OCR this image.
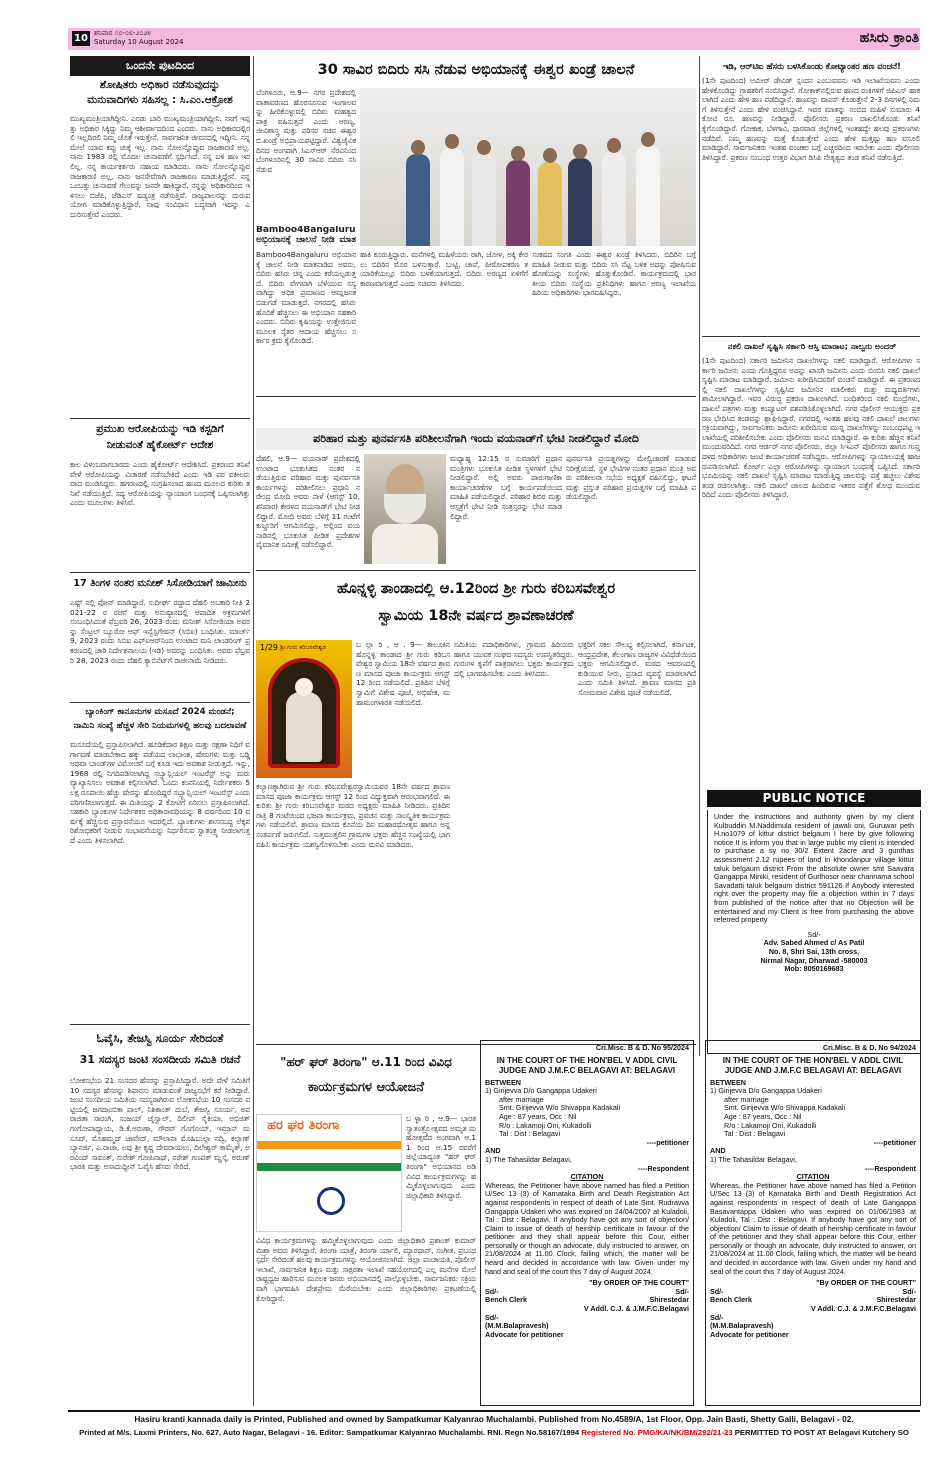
10 ಶನಿವಾರ ೧೦-೦೮-೨೦೨೪
Saturday 10 August 2024	ಹಸಿರು ಕ್ರಾಂತಿ
ಒಂದನೇ ಪುಟದಿಂದ
ಶೋಷಿತರು ಅಧಿಕಾರ ನಡೆಸುವುದನ್ನು
ಮನುವಾದಿಗಳು ಸಹಿಸಲ್ಲ : ಸಿ.ಎಂ.ಆಕ್ರೋಶ
ಮುಖ್ಯಮಂತ್ರಿಯಾಗಿದ್ದೀನಿ. ಎರಡು ಬಾರಿ ಮುಖ್ಯಮಂತ್ರಿಯಾಗಿದ್ದೀನಿ. ನನಗೆ ಇಪ್ಪತ್ತು ಅಧಿಕಾರ ಸಿಕ್ಕಿದ್ದು ನಿಮ್ಮ ಆಶೀರ್ವಾದದಿಂದ ಎಂದರು. ನಾನು ಅಧಿಕಾರದಲ್ಲಿರಲಿ ಇಲ್ಲದಿರಲಿ ನಿಮ್ಮ ಜೊತೆ ಇರುತ್ತೇನೆ. ಸಾರ್ವಜನಿಕ ಜೀವನದಲ್ಲಿ ಇದ್ದೀನಿ. ನನ್ನ ಮೇಲೆ ಯಾವ ಕಪ್ಪು ಚುಕ್ಕೆ ಇಲ್ಲ. ನಾನು ಸೋಲನ್ನೊಪ್ಪುವ ರಾಜಕಾರಣಿ ಅಲ್ಲ. ನಾನು 1983 ರಲ್ಲಿ ಮೊದಲ ಚುನಾವಣೆಗೆ ಸ್ಪರ್ಧಿಸಿದೆ. ನನ್ನ ಬಳಿ ಹಣ ಇರಲಿಲ್ಲ. ನನ್ನ ಕಾರ್ಯಕರ್ತರು ಸಹಾಯ ಮಾಡಿದರು. ನಾನು ಸೋಲನ್ನೊಪ್ಪುವ ರಾಜಕಾರಣಿ ಅಲ್ಲ, ನಾನು ಜನಸೇವೆಗಾಗಿ ರಾಜಕಾರಣ ಮಾಡುತ್ತಿದ್ದೇನೆ. ನನ್ನ ಒಂಬತ್ತು ಚುನಾವಣೆ ಗೆಲುವನ್ನು ಜನರೇ ಹಾಕಿದ್ದಾರೆ. ನನ್ನನ್ನು ಅಧಿಕಾರದಿಂದ ಇಳಿಸಲು ಬಿಜೆಪಿ, ಜೆಡಿಎಸ್ ಷಡ್ಯಂತ್ರ ನಡೆಸುತ್ತಿವೆ. ರಾಜ್ಯಪಾಲರನ್ನು ದುರುಪಯೋಗ ಮಾಡಿಕೊಳ್ಳುತ್ತಿದ್ದಾರೆ. ನಾವು ಸಂವಿಧಾನ ಬದ್ಧವಾಗಿ ಇದನ್ನು ಎದುರಿಸುತ್ತೇವೆ ಎಂದರು.
ಪ್ರಮುಖ ಆರೋಪಿಯನ್ನು ಇಡಿ ಕಸ್ಟಡಿಗೆ
ನೀಡುವಂತೆ ಹೈಕೋರ್ಟ್ ಆದೇಶ
ಕಾಲ ವಿಳಂಬವಾಗಬಾರದು ಎಂದು ಹೈಕೋರ್ಟ್ ಆದೇಶಿಸಿದೆ. ಪ್ರಕರಣದ ತನಿಖೆ ವೇಳೆ ಆರೋಪಿಯನ್ನು ವಿಚಾರಣೆ ನಡೆಸಬೇಕಿದೆ ಎಂದು ಇಡಿ ಪರ ವಕೀಲರು ವಾದ ಮಂಡಿಸಿದ್ದರು. ಹಗರಣದಲ್ಲಿ ಸಂಗ್ರಹಿಸಲಾದ ಹಣದ ಮೂಲದ ಕುರಿತು ತನಿಖೆ ನಡೆಯುತ್ತಿದೆ. ಸದ್ಯ ಆರೋಪಿಯನ್ನು ನ್ಯಾಯಾಂಗ ಬಂಧನಕ್ಕೆ ಒಪ್ಪಿಸಲಾಗಿತ್ತು ಎಂದು ಮೂಲಗಳು ತಿಳಿಸಿವೆ.
17 ತಿಂಗಳ ನಂತರ ಮನೀಶ್ ಸಿಸೋಡಿಯಾಗೆ ಜಾಮೀನು
ಎಷ್ಟ್ ನಲ್ಲಿ ಫೋನ್ ಮಾಡಿದ್ದಾರೆ. ಸುದೀರ್ಘ ರದ್ದಾದ ದೆಹಲಿ ಅಬಕಾರಿ ನೀತಿ 2021-22 ರ ರಚನೆ ಮತ್ತು ಅನುಷ್ಠಾನದಲ್ಲಿ ಆಪಾದಿತ ಅಕ್ರಮಗಳಿಗೆ ಸಂಬಂಧಿಸಿದಂತೆ ಫೆಬ್ರವರಿ 26, 2023 ರಂದು ಮನೀಶ್ ಸಿಸೋಡಿಯಾ ಅವರನ್ನು ಸೆಂಟ್ರಲ್ ಬ್ಯೂರೋ ಆಫ್ ಇನ್ವೆಸ್ಟಿಗೇಷನ್ (ಸಿಬಿಐ) ಬಂಧಿಸಿತು. ಮಾರ್ಚ್ 9, 2023 ರಂದು ಸಿಬಿಐ ಎಫ್‌ಐಆರ್‌ನಿಂದ ಉಂಟಾದ ಮನಿ ಲಾಂಡರಿಂಗ್ ಪ್ರಕರಣದಲ್ಲಿ ಜಾರಿ ನಿರ್ದೇಶನಾಲಯ (ಇಡಿ) ಅವರನ್ನು ಬಂಧಿಸಿತು. ಅವರು ಫೆಬ್ರವರಿ 28, 2023 ರಂದು ದೆಹಲಿ ಕ್ಯಾಬಿನೆಟ್‌ಗೆ ರಾಜೀನಾಮೆ ನೀಡಿದರು.
ಬ್ಯಾಂಕಿಂಗ್ ಕಾನೂನುಗಳ ಮಸೂದೆ 2024 ಮಂಡನೆ;
ನಾಮಿನಿ ಸಂಖ್ಯೆ ಹೆಚ್ಚಳ ಸೇರಿ ನಿಯಮಗಳಲ್ಲಿ ಹಲವು ಬದಲಾವಣೆ
ಮಸೂದೆಯಲ್ಲಿ ಪ್ರಸ್ತಾಪಿಸಲಾಗಿದೆ. ಹೂಡಿಕೆದಾರ ಶಿಕ್ಷಣ ಮತ್ತು ರಕ್ಷಣಾ ನಿಧಿಗೆ ವರ್ಗಾವಣೆ ಮಾಡಬೇಕಾದ ಹಕ್ಕು ಪಡೆಯದ ಲಾಭಾಂಶ, ಷೇರುಗಳು ಮತ್ತು ಬಡ್ಡಿ ಅಥವಾ ಬಾಂಡ್‌ಗಳ ವಿಮೋಚನೆ ಬಗ್ಗೆ ಕೂಡ ಇದು ಅವಕಾಶ ನೀಡುತ್ತದೆ. ಇನ್ನು, 1968 ರಲ್ಲಿ ನಿಗದಿಪಡಿಸಲಾಗಿದ್ದ ಸಬ್ಸ್ಟಾನ್ಷಿಯಲ್ ಇಂಟರೆಸ್ಟ್ ಅನ್ನು ಮರು ವ್ಯಾಖ್ಯಾನಿಸಲು ಅವಕಾಶ ಕಲ್ಪಿಸಲಾಗಿದೆ. ಒಂದು ಕಂಪನಿಯಲ್ಲಿ ನಿರ್ದೇಶಕರು 5 ಲಕ್ಷ ರೂಪಾಯಿ ಹೆಚ್ಚು ಷೇರನ್ನು ಹೊಂದಿದ್ದರೆ ಸಬ್ಸ್ಟಾನ್ಷಿಯಲ್ ಇಂಟರೆಸ್ಟ್ ಎಂದು ಪರಿಗಣಿಸಲಾಗುತ್ತದೆ. ಈ ಮಿತಿಯನ್ನು 2 ಕೋಟಿಗೆ ಏರಿಸಲು ಪ್ರಸ್ತಾಪಿಸಲಾಗಿದೆ. ಸಹಕಾರಿ ಬ್ಯಾಂಕುಗಳ ನಿರ್ದೇಶಕರ ಅಧಿಕಾರಾವಧಿಯನ್ನು 8 ವರ್ಷದಿಂದ 10 ವರ್ಷಕ್ಕೆ ಹೆಚ್ಚಿಸುವ ಪ್ರಸ್ತಾವನೆಯೂ ಇದರಲ್ಲಿದೆ. ಬ್ಯಾಂಕುಗಳು ಶಾಸನಬದ್ಧ ಲೆಕ್ಕಪರಿಶೋಧಕರಿಗೆ ನೀಡುವ ಸಂಭಾವನೆಯನ್ನು ನಿರ್ಧರಿಸುವ ಸ್ವಾತಂತ್ರ್ಯ ನೀಡಲಾಗುತ್ತದೆ ಎಂದು ತಿಳಿಸಲಾಗಿದೆ.
ಓವೈಸಿ, ತೇಜಸ್ವಿ ಸೂರ್ಯ ಸೇರಿದಂತೆ
31 ಸದಸ್ಯರ ಜಂಟಿ ಸಂಸದೀಯ ಸಮಿತಿ ರಚನೆ
ಲೋಕಸಭೆಯ 21 ಸಂಸದರ ಹೆಸರನ್ನು ಪ್ರಸ್ತಾಪಿಸಿದ್ದಾರೆ. ಅದೇ ವೇಳೆ ಸಮಿತಿಗೆ 10 ಸದಸ್ಯರ ಹೆಸರನ್ನು ಶಿಫಾರಸು ಮಾಡುವಂತೆ ರಾಜ್ಯಸಭೆಗೆ ಕರೆ ನೀಡಿದ್ದಾರೆ. ಜಂಟಿ ಸಂಸದೀಯ ಸಮಿತಿಯ ಸದಸ್ಯರಾಗಿರುವ ಲೋಕಸಭೆಯ 10 ಸಂಸದರ ಪಟ್ಟಿಯಲ್ಲಿ ಜಗದಾಂಬಿಕಾ ಪಾಲ್, ನಿಶಿಕಾಂತ್ ದುಬೆ, ತೇಜಸ್ವಿ ಸೂರ್ಯ, ಅಪರಾಜಿತಾ ಸಾರಂಗಿ, ಸಂಜಯ್ ಜೈಸ್ವಾಲ್, ದಿಲೀಪ್ ಸೈಕಿಯಾ, ಅಭಿಜಿತ್ ಗಂಗೋಪಾಧ್ಯಾಯ, ಡಿ.ಕೆ.ಅರುಣಾ, ಗೌರವ್ ಗೊಗೊಯ್, ಇಮ್ರಾನ್ ಮಸೂದ್, ಮೊಹಮ್ಮದ್ ಜಾವೇದ್, ಮೌಲಾನಾ ಮೊಹಿಬುಲ್ಲಾ ನದ್ವಿ, ಕಲ್ಯಾಣ್ ಬ್ಯಾನರ್ಜಿ, ಎ.ರಾಜಾ, ಲವು ಶ್ರೀ ಕೃಷ್ಣ ದೇವರಾಯಲು, ದಿಲೇಶ್ವರ್ ಕಾಮೈತ್, ಅರವಿಂದ್ ಸಾವಂತ್, ಸುರೇಶ್ ಗೋಪಿನಾಥ್, ನರೇಶ್ ಗಣಪತ್ ಮ್ಹಸ್ಕೆ, ಅರುಣ್ ಭಾರತಿ ಮತ್ತು ಅಸಾದುದ್ದೀನ್ ಓವೈಸಿ ಹೆಸರು ಸೇರಿದೆ.
30 ಸಾವಿರ ಬಿದಿರು ಸಸಿ ನೆಡುವ ಅಭಿಯಾನಕ್ಕೆ ಈಶ್ವರ ಖಂಡ್ರೆ ಚಾಲನೆ
ಬೆಂಗಳೂರು, ಆ.9— ನಗರ ಪ್ರದೇಶದಲ್ಲಿ ವಾತಾವರಣದ ಹೊರಸೂಸುವ ಇಂಗಾಲವನ್ನು ಹೀರಿಕೊಳ್ಳುವಲ್ಲಿ ಬಿದಿರು ಮಹತ್ವದ ಪಾತ್ರ ವಹಿಸುತ್ತದೆ ಎಂದು ಅರಣ್ಯ, ಜೀವಿಶಾಸ್ತ್ರ ಮತ್ತು ಪರಿಸರ ಸಚಿವ ಈಶ್ವರ ಬಿ.ಖಂಡ್ರೆ ಅಭಿಪ್ರಾಯಪಟ್ಟಿದ್ದಾರೆ. ವಿಶ್ವಜೈವಿಕ ದಿನದ ಅಂಗವಾಗಿ ಸಿಎಸ್‌ಆರ್ ನೆರವಿನಿಂದ ಬೆಂಗಳೂರಿನಲ್ಲಿ 30 ಸಾವಿರ ಬಿದಿರು ಸಸಿ ನೆಡುವ
Bamboo4Bangaluru ಅಭಿಯಾನಕ್ಕೆ ಚಾಲನೆ ನೀಡಿ ಮಾತ
Bamboo4Bangaluru ಅಭಿಯಾನಕ್ಕೆ ಚಾಲನೆ ನೀಡಿ ಮಾತನಾಡಿದ ಅವರು, ಬಿದಿರು ಹಸಿರು ಚಿನ್ನ ಎಂದು ಕರೆಯಲ್ಪಡುತ್ತದೆ. ಬಿದಿರು ವೇಗವಾಗಿ ಬೆಳೆಯುವ ಸಸ್ಯವಾಗಿದ್ದು ಅಧಿಕ ಪ್ರಮಾಣದ ಆಮ್ಲಜನಕ ಬಿಡುಗಡೆ ಮಾಡುತ್ತದೆ. ನಗರದಲ್ಲಿ ಹಸಿರು ಹೊದಿಕೆ ಹೆಚ್ಚಿಸಲು ಈ ಅಭಿಯಾನ ಸಹಕಾರಿ ಎಂದರು. ಬಿದಿರು ಕೃಷಿಯನ್ನು ಉತ್ತೇಜಿಸುವ ಮೂಲಕ ರೈತರ ಆದಾಯ ಹೆಚ್ಚಿಸಲು ಸರ್ಕಾರ ಕ್ರಮ ಕೈಗೊಂಡಿದೆ.
ಹಾಕಿ ಕೂರುತ್ತಿದ್ದಾರು. ಮನೆಗಳಲ್ಲಿ ಮಹಿಳೆಯರು ರಾಗಿ, ಜೋಳ, ಅಕ್ಕಿ ಕೇರಲು ಬಿದಿರಿನ ಮೊರ ಬಳಸುತ್ತಾರೆ. ಬುಟ್ಟಿ, ಚಾಪೆ, ಪೀಠೋಪಕರಣ ತಯಾರಿಕೆಯಲ್ಲೂ ಬಿದಿರು ಬಳಕೆಯಾಗುತ್ತದೆ. ಬಿದಿರು ಅರಣ್ಯದ ಏಳಿಗೆಗೆ ಕಾರಣವಾಗುತ್ತದೆ ಎಂದು ಸಚಿವರು ತಿಳಿಸಿದರು.
ಸಂಕಷದ ಸಂಗತಿ ಎಂದು ಈಶ್ವರ ಖಂಡ್ರೆ ತಿಳಿಸಿದರು. ಬಿದಿರಿನ ಬಗ್ಗೆ ಮಾಹಿತಿ ನೀಡುವ ಮತ್ತು ಬಿದಿರು ಸಸಿ ನೆಟ್ಟ ಬಳಿಕ ಅದನ್ನು ಪೋಷಿಸುವ ಹೊಣೆಯನ್ನು ಸಂಸ್ಥೆಗಳು ಹೊತ್ತುಕೊಂಡಿವೆ. ಕಾರ್ಯಕ್ರಮದಲ್ಲಿ ಭಾರತೀಯ ಬಿದಿರು ಸಂಸ್ಥೆಯ ಪ್ರತಿನಿಧಿಗಳು ಹಾಗೂ ಅರಣ್ಯ ಇಲಾಖೆಯ ಹಿರಿಯ ಅಧಿಕಾರಿಗಳು ಭಾಗವಹಿಸಿದ್ದರು.
ಪರಿಹಾರ ಮತ್ತು ಪುನರ್ವಸತಿ ಪರಿಶೀಲನೆಗಾಗಿ ಇಂದು ವಯನಾಡ್‌ಗೆ ಭೇಟಿ ನೀಡಲಿದ್ದಾರೆ ಮೋದಿ
ದೆಹಲಿ, ಆ.9— ವಯನಾಡ್ ಪ್ರದೇಶದಲ್ಲಿ ಉಂಟಾದ ಭೂಕುಸಿತದ ನಂತರ ನಡೆಯುತ್ತಿರುವ ಪರಿಹಾರ ಮತ್ತು ಪುನರ್ವಸತಿ ಕಾರ್ಯಗಳನ್ನು ಪರಿಶೀಲಿಸಲು ಪ್ರಧಾನಿ ನರೇಂದ್ರ ಮೋದಿ ಅವರು ನಾಳೆ (ಆಗಸ್ಟ್ 10, ಶನಿವಾರ) ಕೇರಳದ ವಯನಾಡ್‌ಗೆ ಭೇಟಿ ನೀಡಲಿದ್ದಾರೆ. ಮೋದಿ ಅವರು ಬೆಳಿಗ್ಗೆ 11 ಗಂಟೆಗೆ ಕಣ್ಣೂರಿಗೆ ಆಗಮಿಸಲಿದ್ದು, ಅಲ್ಲಿಂದ ವಯನಾಡಿನಲ್ಲಿ ಭೂಕುಸಿತ ಪೀಡಿತ ಪ್ರದೇಶಗಳ ವೈಮಾನಿಕ ಸಮೀಕ್ಷೆ ನಡೆಸಲಿದ್ದಾರೆ.
ಮಧ್ಯಾಹ್ನ 12:15 ರ ಸುಮಾರಿಗೆ ಪ್ರಧಾನ ಮಂತ್ರಿಗಳು ಭೂಕುಸಿತ ಪೀಡಿತ ಸ್ಥಳಗಳಿಗೆ ಭೇಟಿ ನೀಡಲಿದ್ದಾರೆ. ಅಲ್ಲಿ ಅವರು ಪಾರುಗಾಣಿಕಾ ಕಾರ್ಯಾಚರಣೆಗಳ ಬಗ್ಗೆ ಕಾರ್ಯಪಡೆಯಿಂದ ಮಾಹಿತಿ ಪಡೆಯಲಿದ್ದಾರೆ. ಪರಿಹಾರ ಶಿಬಿರ ಮತ್ತು ಆಸ್ಪತ್ರೆಗೆ ಭೇಟಿ ನೀಡಿ ಸಂತ್ರಸ್ತರನ್ನು ಭೇಟಿ ಮಾಡಲಿದ್ದಾರೆ.
ಪುನರ್ವಸತಿ ಪ್ರಯತ್ನಗಳನ್ನು ಮೇಲ್ವಿಚಾರಣೆ ಮಾಡುವ ನಿರೀಕ್ಷೆಯಿದೆ. ಸ್ಥಳ ಭೇಟಿಗಳ ನಂತರ ಪ್ರಧಾನ ಮಂತ್ರಿ ಅವರು ಪರಿಶೀಲನಾ ಸಭೆಯ ಅಧ್ಯಕ್ಷತೆ ವಹಿಸಲಿದ್ದು, ಘಟನೆ ಮತ್ತು ಪ್ರಸ್ತುತ ಪರಿಹಾರ ಪ್ರಯತ್ನಗಳ ಬಗ್ಗೆ ಮಾಹಿತಿ ಪಡೆಯಲಿದ್ದಾರೆ.
ಹೊನ್ನಳ್ಳಿ ತಾಂಡಾದಲ್ಲಿ ಆ.12ರಿಂದ ಶ್ರೀ ಗುರು ಕರಿಬಸವೇಶ್ವರ
ಸ್ವಾಮಿಯ 18ನೇ ವರ್ಷದ ಶ್ರಾವಣಾಚರಣೆ
1/29 ಶ್ರೀ ಗುರು ಕರಿಬಸವೇಶ್ವರ	ಬ ಲ್ಲಾ ರಿ , ಆ . 9— ತಾಲೂಕಿನ ಹೊನ್ನಳ್ಳಿ ತಾಂಡಾದ ಶ್ರೀ ಗುರು ಕರಿಬಸವೇಶ್ವರ ಸ್ವಾಮಿಯ 18ನೇ ವರ್ಷದ ಶ್ರಾವಣ ಮಾಸದ ಪೂಜಾ ಕಾರ್ಯಕ್ರಮ ಆಗಸ್ಟ್ 12 ರಿಂದ ನಡೆಯಲಿದೆ. ಪ್ರತಿದಿನ ಬೆಳಿಗ್ಗೆ ಸ್ವಾಮಿಗೆ ವಿಶೇಷ ಪೂಜೆ, ಅಭಿಷೇಕ, ಮಹಾಮಂಗಳಾರತಿ ನಡೆಯಲಿದೆ.
ಕಲ್ಯಾಣಕ್ಕಾಗಿರುವ ಶ್ರೀ ಗುರು ಕರಿಬಸವೇಶ್ವರಸ್ವಾಮಿಯವರ 18ನೇ ವರ್ಷದ ಶ್ರಾವಣ ಮಾಸದ ಪೂಜಾ ಕಾರ್ಯಕ್ರಮ ಆಗಸ್ಟ್ 12 ರಿಂದ ವಿಧ್ಯುಕ್ತವಾಗಿ ಆರಂಭವಾಗಲಿದೆ. ಈ ಕುರಿತು ಶ್ರೀ ಗುರು ಕರಿಬಸವೇಶ್ವರ ಮಠದ ಅಧ್ಯಕ್ಷರು ಮಾಹಿತಿ ನೀಡಿದರು. ಪ್ರತಿದಿನ ರಾತ್ರಿ 8 ಗಂಟೆಯಿಂದ ಭಜನಾ ಕಾರ್ಯಕ್ರಮ, ಪ್ರವಚನ ಮತ್ತು ಸಾಂಸ್ಕೃತಿಕ ಕಾರ್ಯಕ್ರಮಗಳು ನಡೆಯಲಿವೆ. ಶ್ರಾವಣ ಮಾಸದ ಕೊನೆಯ ದಿನ ಮಹಾರಥೋತ್ಸವ ಹಾಗೂ ಅನ್ನಸಂತರ್ಪಣೆ ಜರುಗಲಿದೆ. ಸುತ್ತಮುತ್ತಲಿನ ಗ್ರಾಮಗಳ ಭಕ್ತರು ಹೆಚ್ಚಿನ ಸಂಖ್ಯೆಯಲ್ಲಿ ಭಾಗವಹಿಸಿ ಕಾರ್ಯಕ್ರಮ ಯಶಸ್ವಿಗೊಳಿಸಬೇಕು ಎಂದು ಮನವಿ ಮಾಡಿದರು.
ಸಮಿತಿಯ ಪದಾಧಿಕಾರಿಗಳು, ಗ್ರಾಮದ ಹಿರಿಯರು ಹಾಗೂ ಯುವಕ ಸಂಘದ ಸದಸ್ಯರು ಉಪಸ್ಥಿತರಿದ್ದರು. ಗುರುಗಳ ಕೃಪೆಗೆ ಪಾತ್ರರಾಗಲು ಭಕ್ತರು ಕಾರ್ಯಕ್ರಮದಲ್ಲಿ ಭಾಗವಹಿಸಬೇಕು ಎಂದು ತಿಳಿಸಿದರು.
ಭಕ್ತರಿಗೆ ಸಕಲ ಸೌಲಭ್ಯ ಕಲ್ಪಿಸಲಾಗಿದೆ. ಕರ್ನಾಟಕ, ಆಂಧ್ರಪ್ರದೇಶ, ತೆಲಂಗಾಣ ರಾಜ್ಯಗಳ ವಿವಿಧೆಡೆಯಿಂದ ಭಕ್ತರು ಆಗಮಿಸಲಿದ್ದಾರೆ. ಮಠದ ಆವರಣದಲ್ಲಿ ಕುಡಿಯುವ ನೀರು, ಪ್ರಸಾದ ವ್ಯವಸ್ಥೆ ಮಾಡಲಾಗಿದೆ ಎಂದು ಸಮಿತಿ ತಿಳಿಸಿದೆ. ಶ್ರಾವಣ ಮಾಸದ ಪ್ರತಿ ಸೋಮವಾರ ವಿಶೇಷ ಪೂಜೆ ನಡೆಯಲಿದೆ.
"ಹರ್ ಘರ್ ತಿರಂಗಾ" ಆ.11 ರಿಂದ ವಿವಿಧ
ಕಾರ್ಯಕ್ರಮಗಳ ಆಯೋಜನೆ
ಹರ ಘರ ತಿರಂಗಾ	ಬ ಳ್ಳಾ ರಿ , ಆ.9— ಭಾರತ ಸ್ವಾತಂತ್ರ್ಯೋತ್ಸವದ ಅಮೃತ ಮಹೋತ್ಸವದ ಅಂಗವಾಗಿ ಆ.11 ರಿಂದ ಆ.15 ರವರೆಗೆ ಜಿಲ್ಲೆಯಾದ್ಯಂತ "ಹರ್ ಘರ್ ತಿರಂಗಾ" ಅಭಿಯಾನದ ಅಡಿ ವಿವಿಧ ಕಾರ್ಯಕ್ರಮಗಳನ್ನು ಹಮ್ಮಿಕೊಳ್ಳಲಾಗುವುದು ಎಂದು ಜಿಲ್ಲಾಧಿಕಾರಿ ತಿಳಿಸಿದ್ದಾರೆ.
ವಿವಿಧ ಕಾರ್ಯಕ್ರಮಗಳನ್ನು ಹಮ್ಮಿಕೊಳ್ಳಲಾಗುವುದು ಎಂದು ಜಿಲ್ಲಾಧಿಕಾರಿ ಪ್ರಶಾಂತ್ ಕುಮಾರ್ ಮಿಶ್ರಾ ಅವರು ತಿಳಿಸಿದ್ದಾರೆ. ತಿರಂಗಾ ಯಾತ್ರೆ, ತಿರಂಗಾ ರ್ಯಾಲಿ, ಮ್ಯಾರಥಾನ್, ಸಂಗೀತ, ಪ್ರಬಂಧ ಸ್ಪರ್ಧೆ ಸೇರಿದಂತೆ ಹಲವು ಕಾರ್ಯಕ್ರಮಗಳನ್ನು ಆಯೋಜಿಸಲಾಗಿದೆ. ಜಿಲ್ಲಾ ಪಂಚಾಯತಿ, ಪೊಲೀಸ್ ಇಲಾಖೆ, ಸಾರ್ವಜನಿಕ ಶಿಕ್ಷಣ ಮತ್ತು ಸಾಕ್ಷರತಾ ಇಲಾಖೆ ಸಹಯೋಗದಲ್ಲಿ ಎಲ್ಲ ಮನೆಗಳ ಮೇಲೆ ರಾಷ್ಟ್ರಧ್ವಜ ಹಾರಿಸುವ ಮೂಲಕ ಜನರು ಅಭಿಯಾನದಲ್ಲಿ ಪಾಲ್ಗೊಳ್ಳಬೇಕು. ಸಾರ್ವಜನಿಕರು ಸಕ್ರಿಯವಾಗಿ ಭಾಗವಹಿಸಿ ದೇಶಪ್ರೇಮ ಮೆರೆಯಬೇಕು ಎಂದು ಜಿಲ್ಲಾಧಿಕಾರಿಗಳು ಪ್ರಕಟಣೆಯಲ್ಲಿ ಕೋರಿದ್ದಾರೆ.
ಇಡಿ, ಆರ್‌ಟಿಐ ಹೆಸರು ಬಳಸಿಕೊಂಡು ಕೋಟ್ಯಾಂತರ ಹಣ ವಂಚನೆ!
(1ನೇ ಪುಟದಿಂದ) ಅಮೀರ್ ಡೇವಿಡ್ ಸ್ಪಂದನ ಎಂಬುವವನು ಇಡಿ ಇಲಾಖೆಯವನು ಎಂದು ಹೇಳಿಕೊಂಡಿದ್ದು ಗ್ರಾಹಕರಿಗೆ ನಂಬಿಸಿದ್ದಾನೆ. ಗೋಕಾಕ್‌ನಲ್ಲಿರುವ ಹಣದ ಠಂಕಿಗಳಿಗೆ ಜಿಪಿಎಸ್ ಹಾಕಲಾಗಿದೆ ಎಂದು ಹೇಳಿ ಹಣ ಪಡೆದಿದ್ದಾನೆ. ಹಣವನ್ನು ವಾಪಸ್ ಕೊಡುತ್ತೇನೆ 2-3 ದಿನಗಳಲ್ಲಿ ನಿಮಗೆ ತಿಳಿಸುತ್ತೇನೆ ಎಂದು ಹೇಳಿ ವಂಚಿಸಿದ್ದಾನೆ. ಇವರ ಮಾತನ್ನು ನಂಬಿದ ಮಹಿಳೆ ಸುಮಾರು 4 ಕೋಟಿ ರೂ. ಹಣವನ್ನು ನೀಡಿದ್ದಾರೆ. ಪೊಲೀಸರು ಪ್ರಕರಣ ದಾಖಲಿಸಿಕೊಂಡು ತನಿಖೆ ಕೈಗೊಂಡಿದ್ದಾರೆ. ಗೋಕಾಕ, ಬೆಳಗಾವಿ, ಧಾರವಾಡ ಜಿಲ್ಲೆಗಳಲ್ಲಿ ಇಂತಹದ್ದೇ ಹಲವು ಪ್ರಕರಣಗಳು ನಡೆದಿವೆ. ನಿಮ್ಮ ಹಣವನ್ನು ಮತ್ತೆ ಕೊಡುತ್ತೇವೆ ಎಂದು ಹೇಳಿ ಮತ್ತಷ್ಟು ಹಣ ವಸೂಲಿ ಮಾಡಿದ್ದಾರೆ. ಸಾರ್ವಜನಿಕರು ಇಂತಹ ವಂಚಕರ ಬಗ್ಗೆ ಎಚ್ಚರದಿಂದ ಇರಬೇಕು ಎಂದು ಪೊಲೀಸರು ತಿಳಿಸಿದ್ದಾರೆ. ಪ್ರಕರಣ ಸಂಬಂಧ ಉತ್ತರ ವಿಭಾಗ ಡಿಸಿಪಿ ನೇತೃತ್ವದ ತಂಡ ತನಿಖೆ ನಡೆಸುತ್ತಿದೆ.
ನಕಲಿ ದಾಖಲೆ ಸೃಷ್ಟಿಸಿ ಸರ್ಕಾರಿ ಆಸ್ತಿ ಮಾರಾಟ; ನಾಲ್ವರು ಅಂದರ್
(1ನೇ ಪುಟದಿಂದ) ಸರ್ಕಾರಿ ಜಮೀನಿನ ದಾಖಲೆಗಳನ್ನು ನಕಲಿ ಮಾಡಿದ್ದಾರೆ. ಆರೋಪಿಗಳು ಸರ್ಕಾರಿ ಜಮೀನು ಎಂದು ಗೊತ್ತಿದ್ದರೂ ಅದನ್ನು ಖಾಸಗಿ ಜಮೀನು ಎಂದು ಬಿಂಬಿಸಿ ನಕಲಿ ದಾಖಲೆ ಸೃಷ್ಟಿಸಿ ಮಾರಾಟ ಮಾಡಿದ್ದಾರೆ. ಜಮೀನು ಖರೀದಿಸಿದವರಿಗೆ ವಂಚನೆ ಮಾಡಿದ್ದಾರೆ. ಈ ಪ್ರಕರಣದಲ್ಲಿ ನಕಲಿ ದಾಖಲೆಗಳನ್ನು ಸೃಷ್ಟಿಸಿದ ಜಮೀನಿನ ಮಾಲೀಕರು ಮತ್ತು ಮಧ್ಯವರ್ತಿಗಳು ಶಾಮೀಲಾಗಿದ್ದಾರೆ. ಇವರ ವಿರುದ್ಧ ಪ್ರಕರಣ ದಾಖಲಾಗಿದೆ. ಬಂಧಿತರಿಂದ ನಕಲಿ ಮುದ್ರೆಗಳು, ದಾಖಲೆ ಪತ್ರಗಳು ಮತ್ತು ಕಂಪ್ಯೂಟರ್ ವಶಪಡಿಸಿಕೊಳ್ಳಲಾಗಿದೆ. ನಗರ ಪೊಲೀಸ್ ಆಯುಕ್ತರು ಪ್ರಕರಣ ಭೇದಿಸಿದ ತಂಡವನ್ನು ಶ್ಲಾಘಿಸಿದ್ದಾರೆ. ನಗರದಲ್ಲಿ ಇಂತಹ ಹಲವು ನಕಲಿ ದಾಖಲೆ ಜಾಲಗಳು ಸಕ್ರಿಯವಾಗಿದ್ದು, ಸಾರ್ವಜನಿಕರು ಜಮೀನು ಖರೀದಿಸುವ ಮುನ್ನ ದಾಖಲೆಗಳನ್ನು ಸಂಬಂಧಪಟ್ಟ ಇಲಾಖೆಯಲ್ಲಿ ಪರಿಶೀಲಿಸಬೇಕು ಎಂದು ಪೊಲೀಸರು ಮನವಿ ಮಾಡಿದ್ದಾರೆ. ಈ ಕುರಿತು ಹೆಚ್ಚಿನ ತನಿಖೆ ಮುಂದುವರಿದಿದೆ. ನಗರ ಆರ್ಡರ್ ನಗರ ಪೊಲೀಸರು, ಜಿಲ್ಲಾ ಸಿಇಎನ್ ಪೊಲೀಸರು ಹಾಗೂ ಗುಪ್ತದಳದ ಅಧಿಕಾರಿಗಳು ಜಂಟಿ ಕಾರ್ಯಾಚರಣೆ ನಡೆಸಿದ್ದರು. ಆರೋಪಿಗಳನ್ನು ನ್ಯಾಯಾಲಯಕ್ಕೆ ಹಾಜರುಪಡಿಸಲಾಗಿದೆ. ಕೋರ್ಟ್ ಎಲ್ಲಾ ಆರೋಪಿಗಳನ್ನು ನ್ಯಾಯಾಂಗ ಬಂಧನಕ್ಕೆ ಒಪ್ಪಿಸಿದೆ. ಸರ್ಕಾರಿ ಭೂಮಿಯನ್ನು ನಕಲಿ ದಾಖಲೆ ಸೃಷ್ಟಿಸಿ ಮಾರಾಟ ಮಾಡುತ್ತಿದ್ದ ಜಾಲವನ್ನು ಪತ್ತೆ ಹಚ್ಚಲು ವಿಶೇಷ ತಂಡ ರಚಿಸಲಾಗಿತ್ತು. ನಕಲಿ ದಾಖಲೆ ಜಾಲದ ಹಿಂದಿರುವ ಇತರರ ಪತ್ತೆಗೆ ಶೋಧ ಮುಂದುವರಿದಿದೆ ಎಂದು ಪೊಲೀಸರು ತಿಳಿಸಿದ್ದಾರೆ.
PUBLIC NOTICE
Under the instructions and authority given by my client Kulbuddin M.Naddimula resident of jawali oni, Guruwar peth H.no1079 of kittur district belgaum I here by give following notice It is inform you that in large public my client is intended to purchase a sy no 30/2 Extent 2acre and 3 gunthas assessment 2.12 rupees of land in khondanpur village kittur taluk belgaum district From the absolute owner smt Saavara Gangappa Miniki, resident of Gurlhosor near channama school Savadatti taluk belgaum district 591126 If Anybody interested right over the property may file a objection within in 7 days from published of the notice after that no Objection will be entertained and my Client is free from purchasing the above referred property
Sd/-
Adv. Sabed Ahmed c/ As Patil
No. 8, Shri Sai, 13th cross,
Nirmal Nagar, Dharwad -580003
Mob: 8050169683
Cri.Misc. B & D. No 95/2024
IN THE COURT OF THE HON'BEL V ADDL CIVIL JUDGE AND J.M.F.C BELAGAVI AT: BELAGAVI
BETWEEN
1) Girijevva D/o Gangappa Udakeri
after marriage
Smt. Girijevva W/o Shivappa Kadakali
Age : 87 years, Occ : Nil
R/o : Lakamoji Oni, Kukadolli
Tal : Dist : Belagavi
----petitioner
AND
1) The Tahasildar Belagavi,
----Respondent
CITATION
Whereas, the Petitioner have above named has filed a Petition U/Sec 13 (3) of Karnataka Birth and Death Registration Act against respondents in respect of death of Late Smt. Rudravva Gangappa Udakeri who was expired on 24/04/2007 at Kuladoli, Tal : Dist : Belagavi. If anybody have got any sort of objection/ Claim to issue of death of heirship certificate in favour of the petitioner and they shall appear before this Cour, either personally or though an advocate, duly instructed to answer, on 21/08/2024 at 11.00 Clock, failing which, the matter will be heard and decided in accordance with law. Given under my hand and seal of the court this 7 day of August 2024.
"By ORDER OF THE COURT"
Sd/-	Sd/-
Bench Clerk	Shirestedar
V Addl. C.J. & J.M.F.C.Belagavi
Sd/-
(M.M.Balapravesh)
Advocate for petitioner
Cri.Misc. B & D. No 94/2024
IN THE COURT OF THE HON'BEL V ADDL CIVIL JUDGE AND J.M.F.C BELAGAVI AT: BELAGAVI
BETWEEN
1) Girijevva D/o Gangappa Udakeri
after marriage
Smt. Girijevva W/o Shivappa Kadakali
Age : 87 years, Occ : Nil
R/o : Lakamoji Oni, Kukadolli
Tal : Dist : Belagavi
----petitioner
AND
1) The Tahasildar Belagavi,
----Respondent
CITATION
Whereas, the Petitioner have above named has filed a Petition U/Sec 13 (3) of Karnataka Birth and Death Registration Act against respondents in respect of death of Late Gangappa Basavantappa Udakeri who was expired on 01/06/1983 at Kuladoli, Tal : Dist : Belagavi. If anybody have got any sort of objection/ Claim to issue of death of heirship certificate in favour of the petitioner and they shall appear before this Cour, either personally or though an advocate, duly instructed to answer, on 21/08/2024 at 11.00 Clock, failing which, the matter will be heard and decided in accordance with law. Given under my hand and seal of the court this 7 day of August 2024.
"By ORDER OF THE COURT"
Sd/-	Sd/-
Bench Clerk	Shirestedar
V Addl. C.J. & J.M.F.C.Belagavi
Sd/-
(M.M.Balapravesh)
Advocate for petitioner
Hasiru kranti kannada daily is Printed, Published and owned by Sampatkumar Kalyanrao Muchalambi. Published from No.4589/A, 1st Floor, Opp. Jain Basti, Shetty Galli, Belagavi - 02.
Printed at M/s. Laxmi Printers, No. 627, Auto Nagar, Belagavi - 16. Editor: Sampatkumar Kalyanrao Muchalambi. RNI. Regn No.58167/1994 Registered No. PMG/KA/NK/BM/292/21-23 PERMITTED TO POST AT Belagavi Kutchery SO
